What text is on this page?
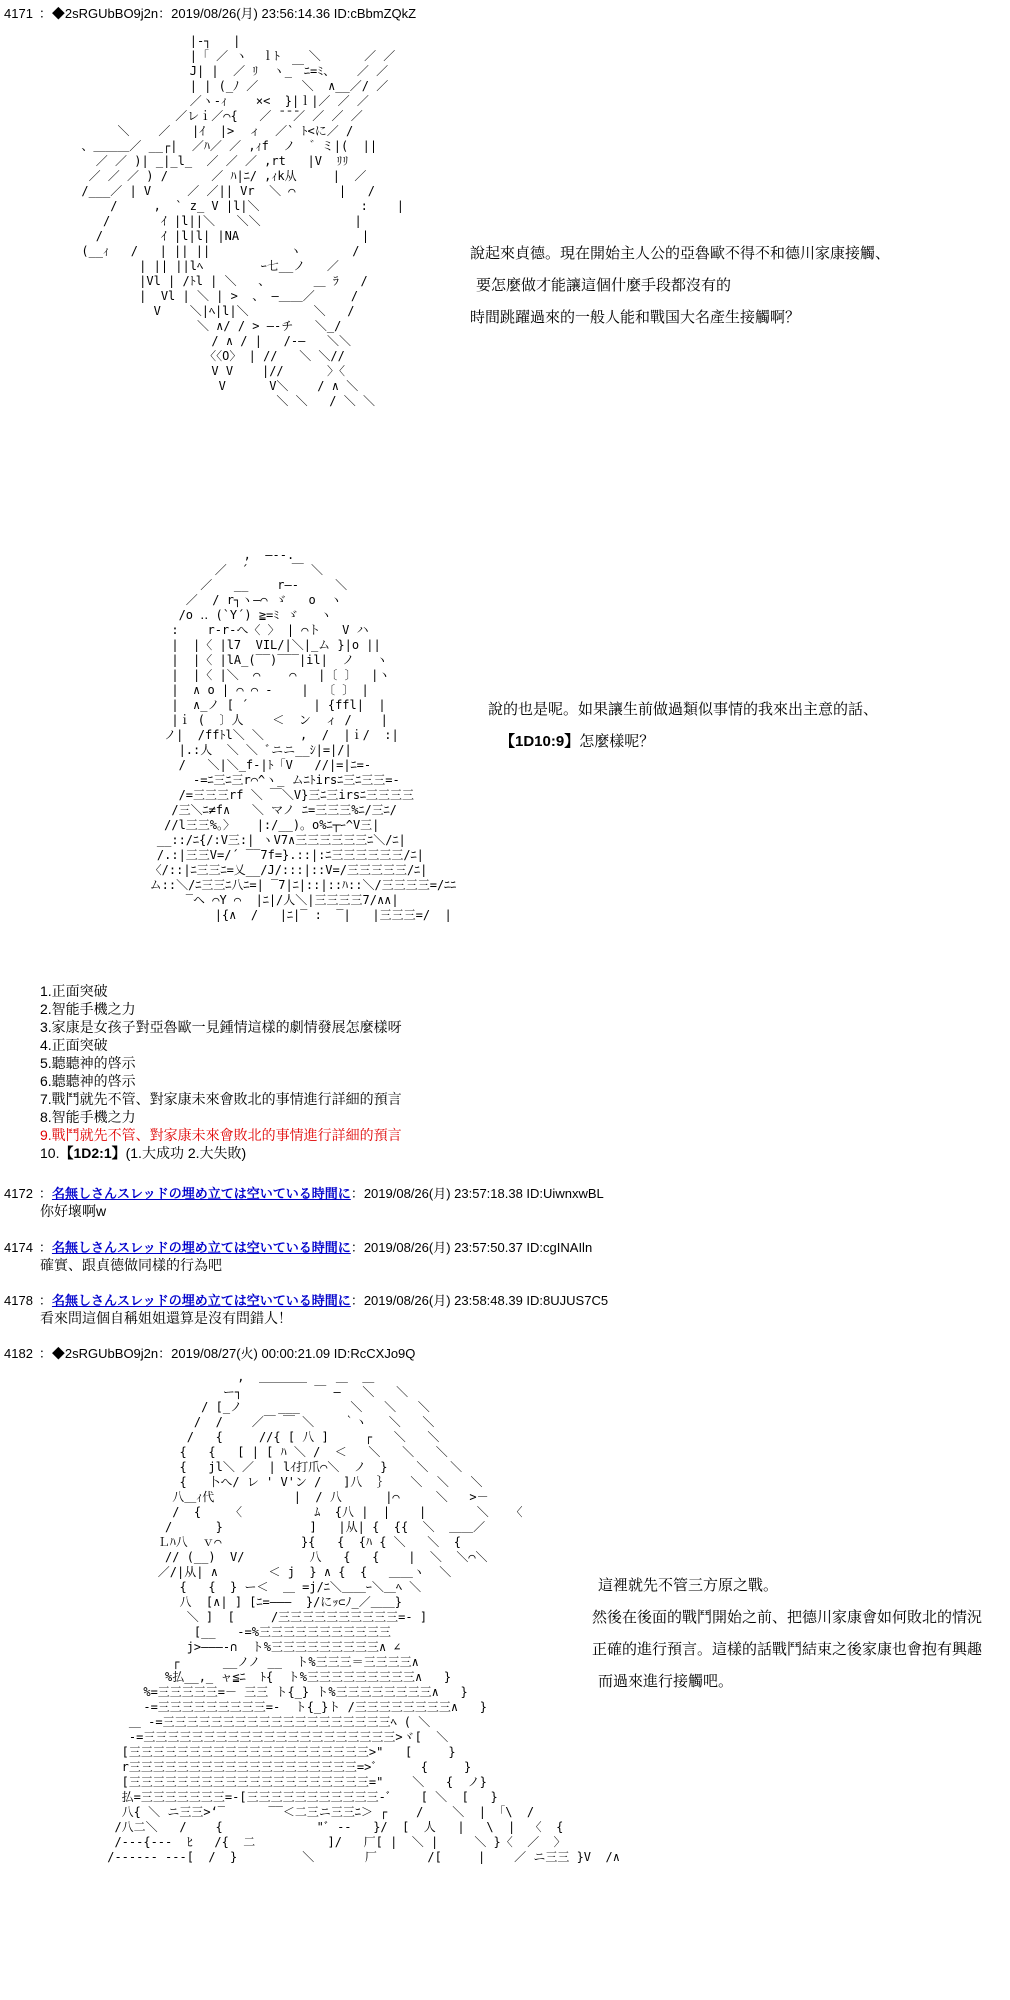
4171 ：◆2sRGUbBO9j2n：2019/08/26(月) 23:56:14.36 ID:cBbmZQkZ
|-┐   |
|「 ／ ヽ  ｌﾄ    ＼      ／ ／
J| |  ／ ﾘ  ヽ_￣ﾆ=ﾐ、   ／ ／
| | (_ﾉ ／      ＼  ∧__／/ ／
／ヽ-ｨ    ×<  }|ｌ|／ ／ ／
／レｉ／⌒{   ／ ̄ ̄ ̄／ ／ ／ ／
＼    ／   |ｲ  |>  ィ  ／` ﾄ<に／ /
、＿＿＿／ __┌|  ／ﾊ／ ／ ,ｨf  ノ  ゛ミ|(  ||
／ ／ )| _|_l_  ／ ／ ／ ,rt   |V  ﾘﾘ
／ ／ ／ ) /      ／ ﾊ|ﾆ/ ,ｨk从     |  ／
/___／ | V     ／ ／|| Vr  ＼ ⌒      |   /
/     ,  ` z_ V |l|＼              :    |
/       ｲ |l||＼   ＼＼             |
/        ｲ |l|l| |NA                 |
(__ｨ   /   | || ||           ヽ       /
| || ||lﾍ        ｰ七__ノ   ／
|Vl | /ﾄl | ＼   、      ＿ ﾗ   /
|  Vl | ＼ | >  、 ―＿＿／     /
V    ＼|ﾍ|l|＼         ＼   /
＼ ∧/ / > ―-チ   ＼_/
/ ∧ / |   /‐―   ＼＼
〈〈O〉 | //   ＼ ＼//
V V    |//      〉〈
V      V＼    / ∧ ＼
＼ ＼   / ＼ ＼

說起來貞德。現在開始主人公的亞魯歐不得不和德川家康接觸、
要怎麼做才能讓這個什麼手段都沒有的
時間跳躍過來的一般人能和戰国大名產生接觸啊？
,  ―-‐.
／  ´      ￣ ＼
／   __    r―-     ＼
／  / r┐ヽ―⌒ ゞ   o  ヽ
/o ‥ (`Y´) ≧=ﾐ ゞ   ヽ
:    r‐r-へ〈 〉 | ⌒ト   V ハ
|  |〈 |l7  VIL/|＼|_ム }|o ||
|  |〈 |lA_(‾‾)‾‾‾|il|  ノ   ヽ
|  |〈 |＼  ⌒    ⌒   |〔 〕  |ヽ
|  ∧ o | ⌒ ⌒ ‐    |  〔 〕 |
|  ∧_ノ [ ´         | {ffl|  |
|ｉ (  〕人    ＜  ン  ィ /    |
ノ|  /ffﾄl＼ ＼     ,  /  |ｉ/  :|
|.:人  ＼ ＼ ﾞニニ__ｼ|=|/|
/   ＼|＼_f‐|ﾄ「V   //|=|ﾆ=-
-=ﾆ三ﾆ三r⌒^ヽ_ ムﾆﾄirsﾆ三ﾆ三三=-
/=三三三rf ＼ ￣＼V}三ﾆ三irsﾆ三三三三
/三＼ﾆ≠f∧   ＼ マノ ﾆ=三三三%ﾆ/三ﾆ/
//l三三%。〉   |:/__)。o%ﾆ┬ｰ^V三|
__::/ﾆ{/:V三:| ヽV7∧三三三三三三ﾆ＼/ﾆ|
/.:|三三V=/´ ‾‾7f=}.::|:ﾆ三三三三三三/ﾆ|
〈/::|ﾆ三三ﾆ=乂__/J/:::|::V=/三三三三三/ﾆ|
ム::＼/ﾆ三三ﾆ八ﾆ=| ‾7|ﾆ|::|::ﾊ::＼/三三三三=/ﾆﾆ
‾ヘ ⌒Y ⌒  |ﾆ|/人＼|三三三三7/∧∧|
|{∧  /   |ﾆ|‾ :  ‾|   |三三三=/  |

說的也是呢。如果讓生前做過類似事情的我來出主意的話、
【1D10:9】怎麼樣呢？
1.正面突破
2.智能手機之力
3.家康是女孩子對亞魯歐一見鍾情這樣的劇情發展怎麼樣呀
4.正面突破
5.聽聽神的啓示
6.聽聽神的啓示
7.戰鬥就先不管、對家康未來會敗北的事情進行詳細的預言
8.智能手機之力
9.戰鬥就先不管、對家康未來會敗北的事情進行詳細的預言
10.【1D2:1】(1.大成功 2.大失敗)
4172 ：名無しさんスレッドの埋め立ては空いている時間に：2019/08/26(月) 23:57:18.38 ID:UiwnxwBL
你好壞啊w
4174 ：名無しさんスレッドの埋め立ては空いている時間に：2019/08/26(月) 23:57:50.37 ID:cgINAIln
確實、跟貞德做同樣的行為吧
4178 ：名無しさんスレッドの埋め立ては空いている時間に：2019/08/26(月) 23:58:48.39 ID:8UJUS7C5
看來問這個自稱姐姐還算是沒有問錯人！
4182 ：◆2sRGUbBO9j2n：2019/08/27(火) 00:00:21.09 ID:RcCXJo9Q
,  ＿＿＿＿    ＿  ＿
ー┐          ￣ ―   ＼   ＼
/ [_ノ     ___       ＼   ＼   ＼
/  /    ／￣ ￣ ＼    ｀ヽ   ＼   ＼
/   {     //{ [ 八 ]     ┌   ＼   ＼
{   {   [ | [ ﾊ ＼ /  ＜   ＼   ＼   ＼
{   jl＼ ／  | lｲ打爪⌒＼  ノ  }    ＼   ＼
{   卜へ/ レ ' V'ン /   ]八  ｝   ＼  ＼   ＼
八＿ｨ代           |  / 八      |⌒     ＼   >－
/  {    〈          ﾑ  {八 |  |    |       ＼   〈
/      }            ]   |从| {  {{  ＼  ＿＿／
Ｌﾊ八  ｖ⌒           }{   {  {ﾊ { ＼   ＼  {
// (__)  V/         八   {   {    |  ＼  ＼⌒＼
／/|从| ∧       ＜ j  } ∧ {  {   ＿＿ヽ  ＼
{   {  } ー＜  ＿ =j/ﾆ＼＿＿ｰ＼＿ﾍ ＼
八  [∧| ] [ﾆ=―――  }/にｯ⊂ﾉ_／＿＿}
＼ ]  [     /三三三三三三三三三三=- ]
[__   -=%三三三三三三三三三三三
j>―――‐∩  ト%三三三三三三三三三∧ ∠
┌      __ノノ __  ト%三三三＝三三三三∧
%払__,_ ャ≦ﾆ  ﾄ{  ト%三三三三三三三三三∧   }
%=三三三三三=－ 三三 ト{_} ト%三三三三三三三三∧   }
-=三三三三三三三三三=-  ト{_}ト /三三三三三三三三∧   }
＿ -=三三三三三三三三三三三三三三三三三三三ﾍ ( ＼
‐=三三三三三三三三三三三三三三三三三三三三三>ヾ[  ＼
[三三三三三三三三三三三三三三三三三三三三>"   [     }
r三三三三三三三三三三三三三三三三三三三=>ﾞ      {     }
[三三三三三三三三三三三三三三三三三三三三="    ＼   {  ノ}
払=三三三三三三三=-[三三三三三三三三三三三-ﾞ    [ ＼  [   }
八{ ＼ ニ三三>‘‾      ‾‾＜二三ニ三三ﾆ＞ ┌    /    ＼  | 「\  /
/八二＼   /    {             "ﾞ ‐‐   }/  [  人   |   \  |  〈  {
/---{---  ﾋ   /{  二          ]/   厂[ |  ＼ |     ＼ }〈  ／  〉
/------ ---[  /  }         ＼       厂       /[     |    ／ ニ三三 }V  /∧

這裡就先不管三方原之戰。
然後在後面的戰鬥開始之前、把德川家康會如何敗北的情況
正確的進行預言。這樣的話戰鬥結束之後家康也會抱有興趣
而過來進行接觸吧。
